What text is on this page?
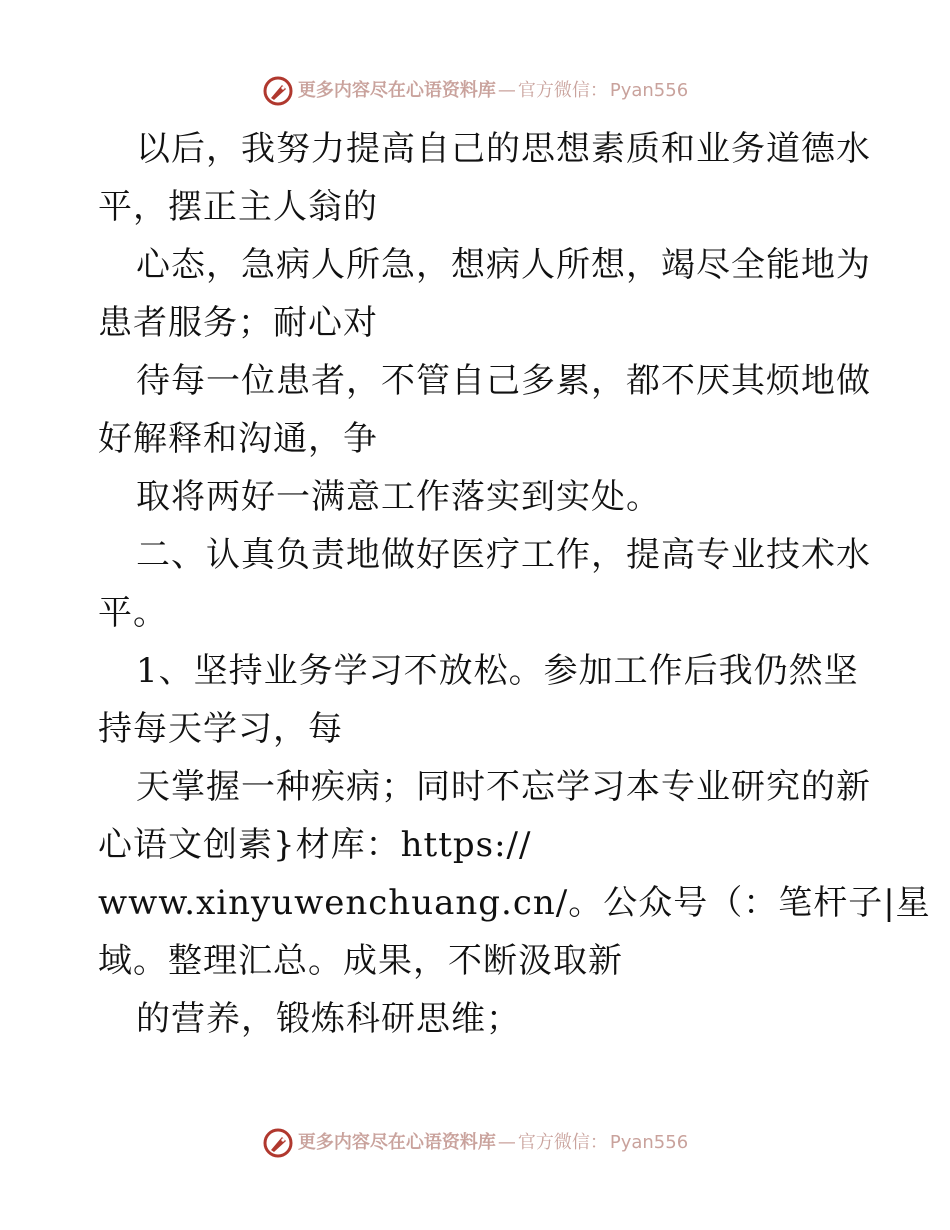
更多内容尽在心语资料库 — 官方微信： Pyan556
以后，我努力提高自己的思想素质和业务道德水
平，摆正主人翁的
心态，急病人所急，想病人所想，竭尽全能地为
患者服务；耐心对
待每一位患者，不管自己多累，都不厌其烦地做
好解释和沟通，争
取将两好一满意工作落实到实处。
二、认真负责地做好医疗工作，提高专业技术水
平。
1、坚持业务学习不放松。参加工作后我仍然坚
持每天学习，每
天掌握一种疾病；同时不忘学习本专业研究的新
心语文创素}材库：https://
www.xinyuwenchuang.cn/。公众号（：笔杆子|星
域。整理汇总。成果，不断汲取新
的营养，锻炼科研思维；
更多内容尽在心语资料库 — 官方微信： Pyan556
